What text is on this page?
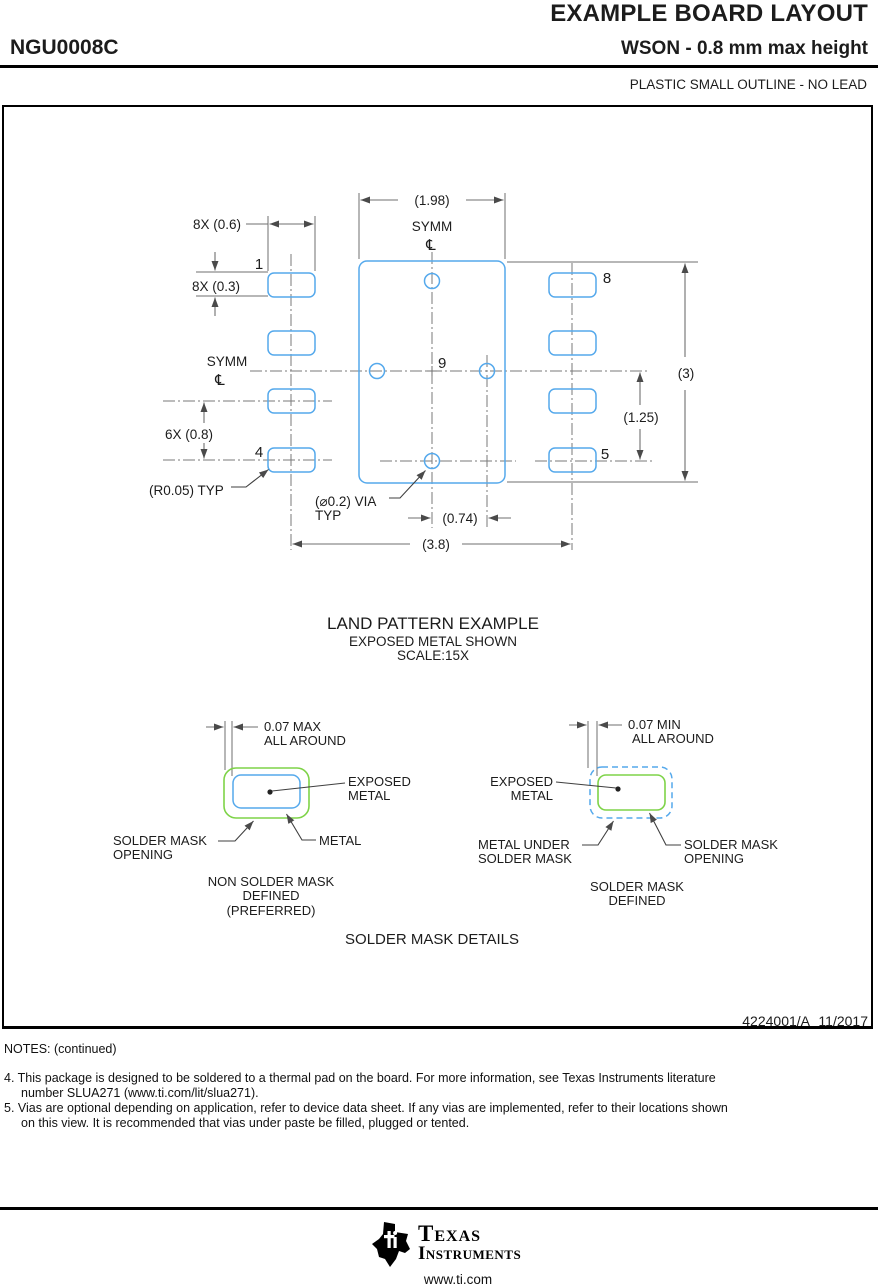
EXAMPLE BOARD LAYOUT
NGU0008C	WSON - 0.8 mm max height
PLASTIC SMALL OUTLINE - NO LEAD
8X (0.6)
8X (0.3)
6X (0.8)
(1.98)
(3)
(1.25)
(0.74)
(3.8)
(R0.05) TYP
(⌀0.2) VIA
TYP
SYMM
℄
SYMM
℄
1
4	5
8
9
LAND PATTERN EXAMPLE
EXPOSED METAL SHOWN
SCALE:15X
0.07 MAX
ALL AROUND
EXPOSED
METAL
SOLDER MASK
OPENING
METAL
NON SOLDER MASK
DEFINED
(PREFERRED)
0.07 MIN
ALL AROUND
EXPOSED
METAL
METAL UNDER
SOLDER MASK
SOLDER MASK
OPENING
SOLDER MASK
DEFINED
SOLDER MASK DETAILS
4224001/A 11/2017
NOTES: (continued)
4. This package is designed to be soldered to a thermal pad on the board. For more information, see Texas Instruments literature
number SLUA271 (www.ti.com/lit/slua271).
5. Vias are optional depending on application, refer to device data sheet. If any vias are implemented, refer to their locations shown
on this view. It is recommended that vias under paste be filled, plugged or tented.
Texas
Instruments
www.ti.com
